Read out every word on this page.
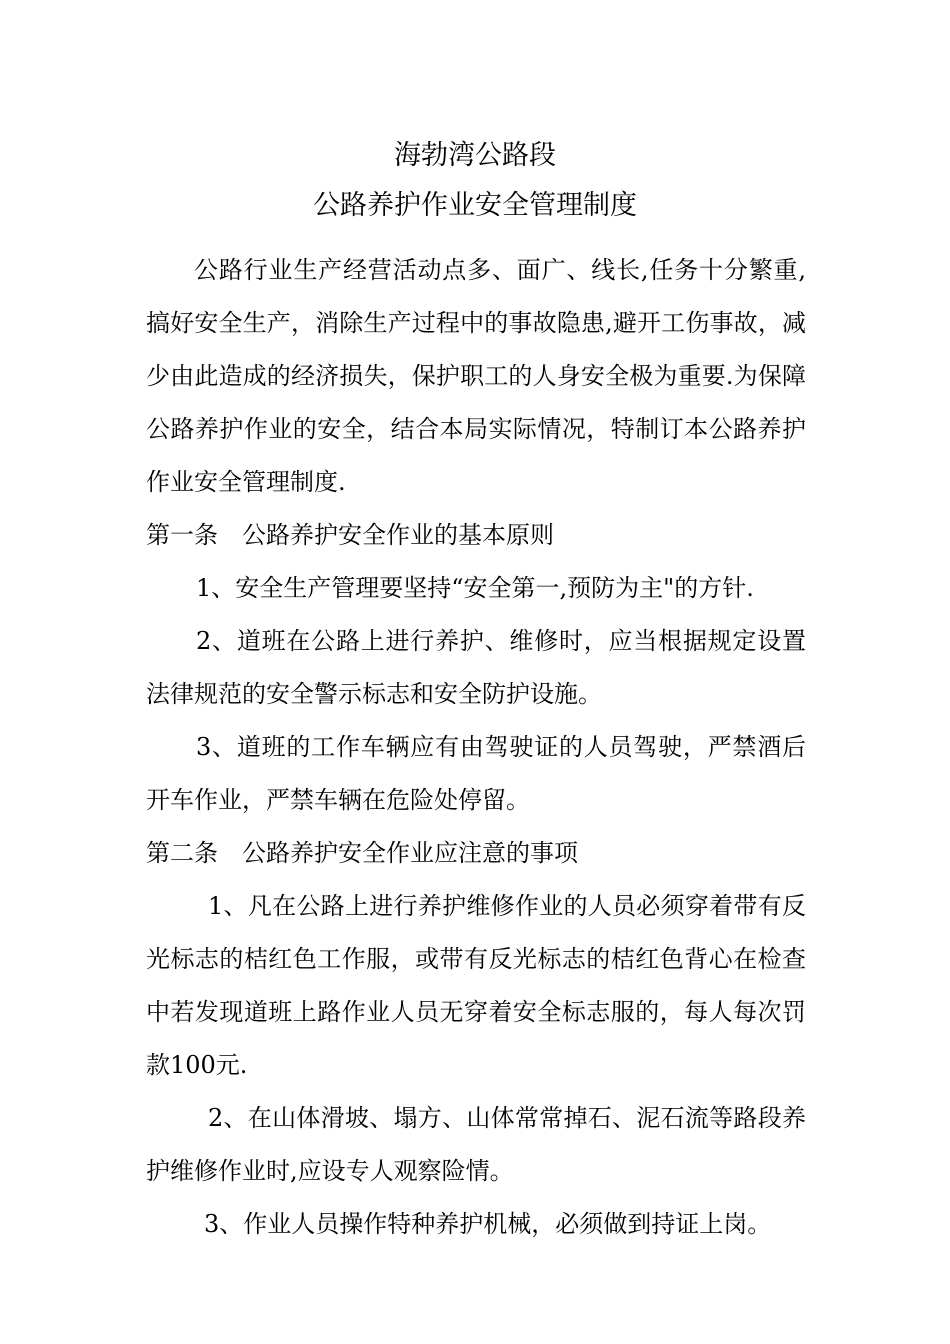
海勃湾公路段
公路养护作业安全管理制度

公路行业生产经营活动点多、面广、线长,任务十分繁重,搞好安全生产，消除生产过程中的事故隐患,避开工伤事故，减少由此造成的经济损失，保护职工的人身安全极为重要.为保障公路养护作业的安全，结合本局实际情况，特制订本公路养护作业安全管理制度.

第一条　公路养护安全作业的基本原则

1、安全生产管理要坚持“安全第一,预防为主"的方针.

2、道班在公路上进行养护、维修时，应当根据规定设置法律规范的安全警示标志和安全防护设施。

3、道班的工作车辆应有由驾驶证的人员驾驶，严禁酒后开车作业，严禁车辆在危险处停留。

第二条　公路养护安全作业应注意的事项

1、凡在公路上进行养护维修作业的人员必须穿着带有反光标志的桔红色工作服，或带有反光标志的桔红色背心在检查中若发现道班上路作业人员无穿着安全标志服的，每人每次罚款100元.

2、在山体滑坡、塌方、山体常常掉石、泥石流等路段养护维修作业时,应设专人观察险情。

3、作业人员操作特种养护机械，必须做到持证上岗。
